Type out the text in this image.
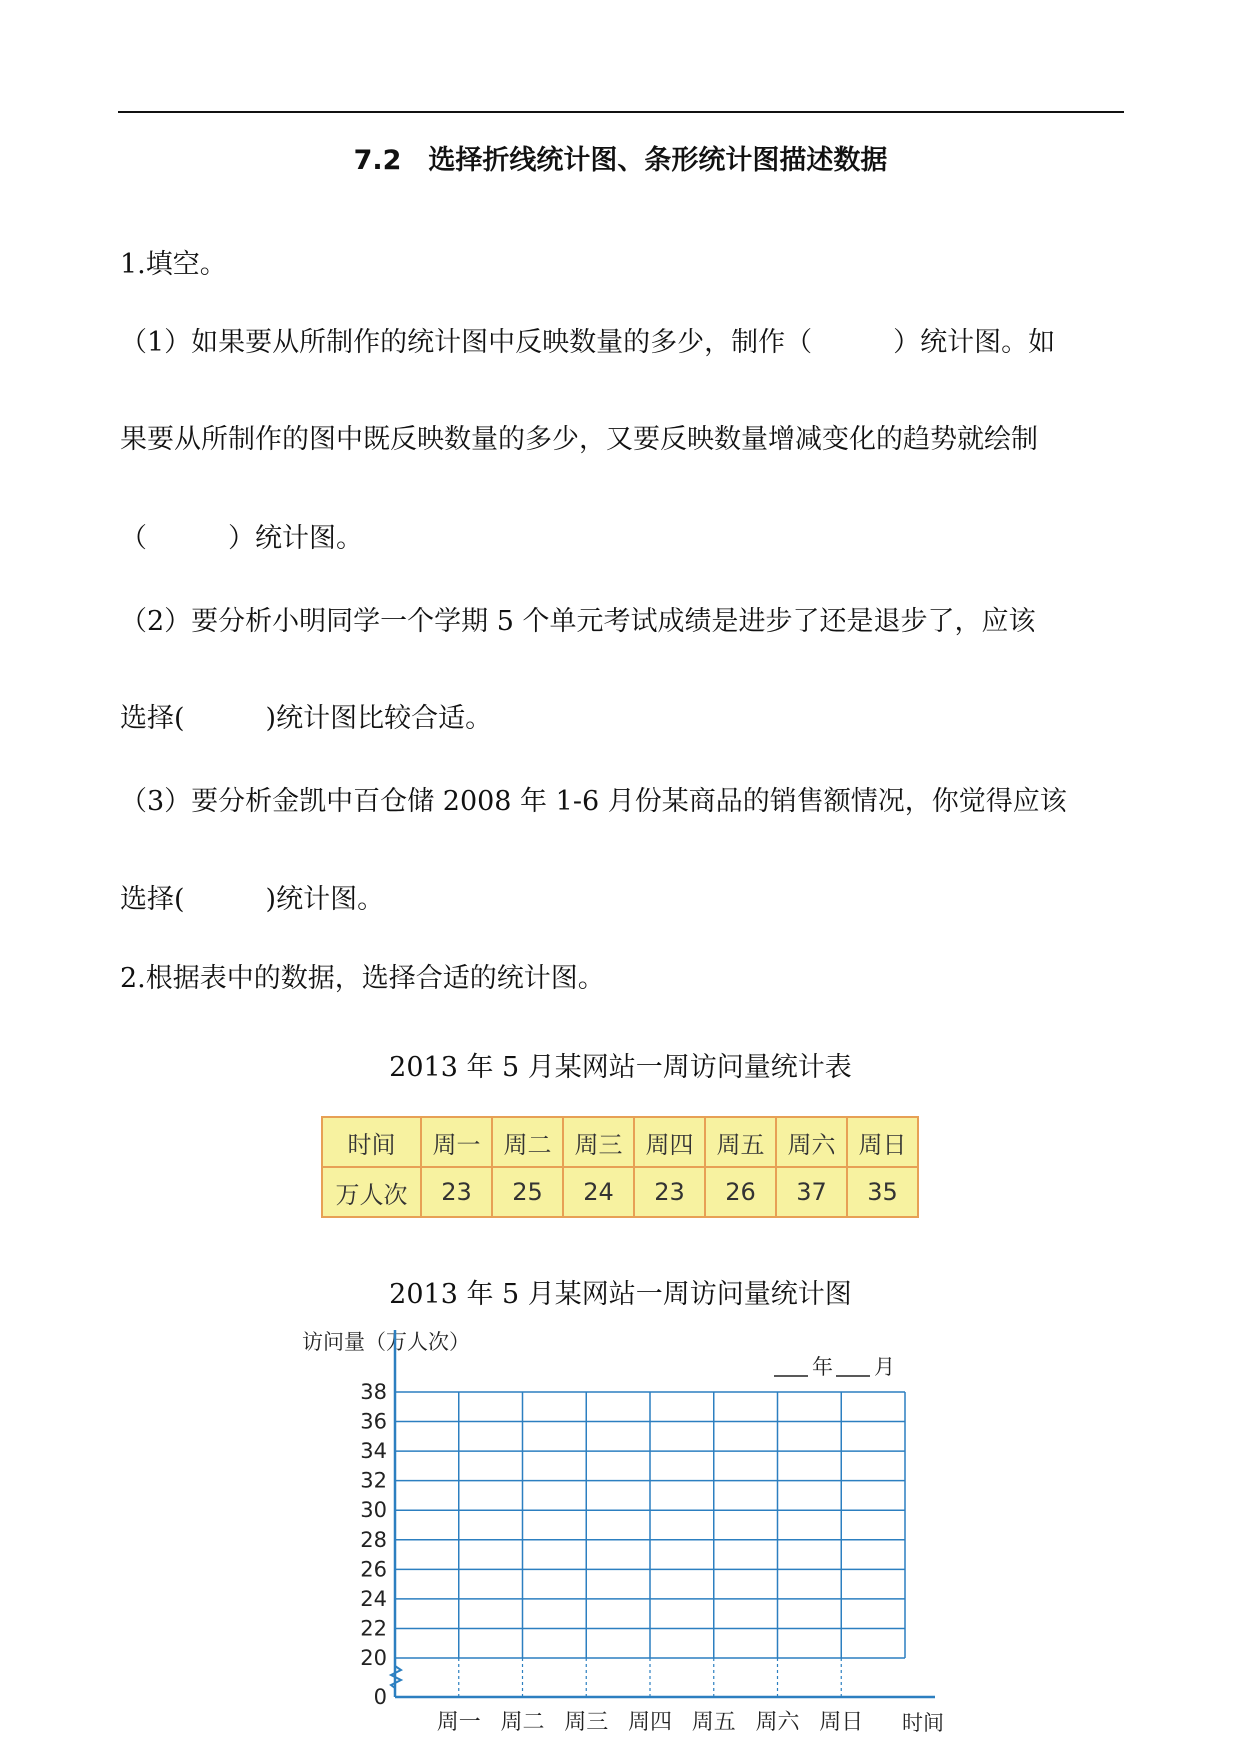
7.2　选择折线统计图、条形统计图描述数据
1.填空。
（1）如果要从所制作的统计图中反映数量的多少，制作（　　　）统计图。如
果要从所制作的图中既反映数量的多少，又要反映数量增减变化的趋势就绘制
（　　　）统计图。
（2）要分析小明同学一个学期 5 个单元考试成绩是进步了还是退步了，应该
选择(　　　)统计图比较合适。
（3）要分析金凯中百仓储 2008 年 1-6 月份某商品的销售额情况，你觉得应该
选择(　　　)统计图。
2.根据表中的数据，选择合适的统计图。
2013 年 5 月某网站一周访问量统计表
时间	周一	周二	周三	周四	周五	周六	周日
万人次	23	25	24	23	26	37	35
2013 年 5 月某网站一周访问量统计图
访问量（万人次）
年 月
0
20
22
24
26
28
30
32
34
36
38
周一 周二 周三 周四 周五 周六 周日 时间
